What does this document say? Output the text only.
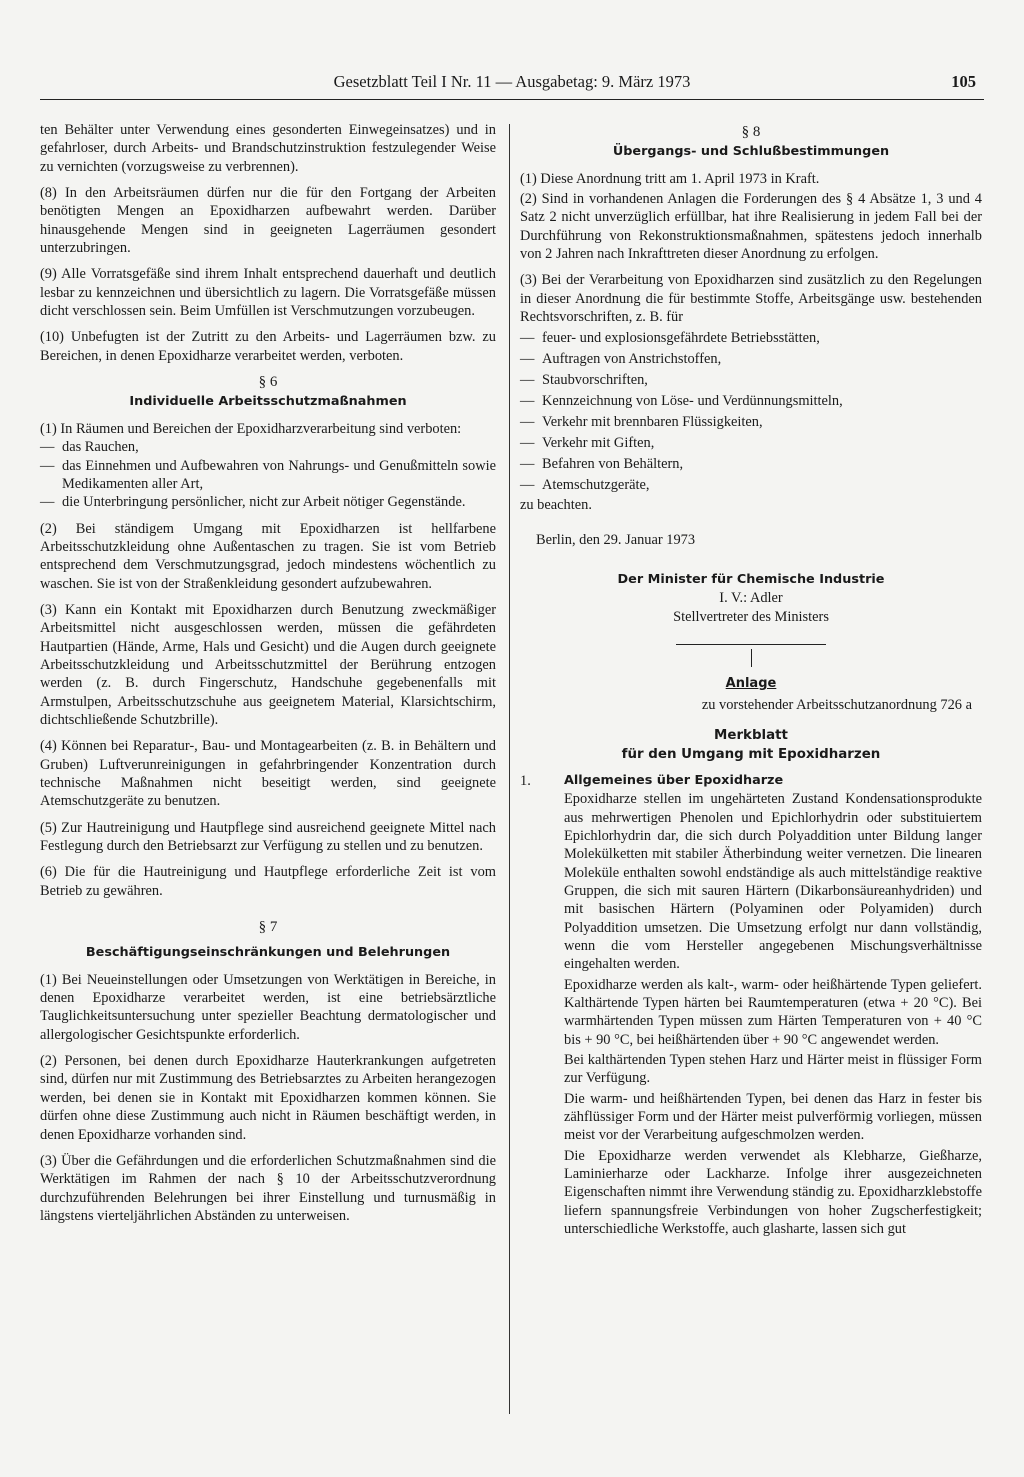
Gesetzblatt Teil I Nr. 11 — Ausgabetag: 9. März 1973	105

ten Behälter unter Verwendung eines gesonderten Einwegeinsatzes) und in gefahrloser, durch Arbeits- und Brandschutzinstruktion festzulegender Weise zu vernichten (vorzugsweise zu verbrennen).

(8) In den Arbeitsräumen dürfen nur die für den Fortgang der Arbeiten benötigten Mengen an Epoxidharzen aufbewahrt werden. Darüber hinausgehende Mengen sind in geeigneten Lagerräumen gesondert unterzubringen.

(9) Alle Vorratsgefäße sind ihrem Inhalt entsprechend dauerhaft und deutlich lesbar zu kennzeichnen und übersichtlich zu lagern. Die Vorratsgefäße müssen dicht verschlossen sein. Beim Umfüllen ist Verschmutzungen vorzubeugen.

(10) Unbefugten ist der Zutritt zu den Arbeits- und Lagerräumen bzw. zu Bereichen, in denen Epoxidharze verarbeitet werden, verboten.

§ 6
Individuelle Arbeitsschutzmaßnahmen

(1) In Räumen und Bereichen der Epoxidharzverarbeitung sind verboten:

— das Rauchen,
— das Einnehmen und Aufbewahren von Nahrungs- und Genußmitteln sowie Medikamenten aller Art,
— die Unterbringung persönlicher, nicht zur Arbeit nötiger Gegenstände.

(2) Bei ständigem Umgang mit Epoxidharzen ist hellfarbene Arbeitsschutzkleidung ohne Außentaschen zu tragen. Sie ist vom Betrieb entsprechend dem Verschmutzungsgrad, jedoch mindestens wöchentlich zu waschen. Sie ist von der Straßenkleidung gesondert aufzubewahren.

(3) Kann ein Kontakt mit Epoxidharzen durch Benutzung zweckmäßiger Arbeitsmittel nicht ausgeschlossen werden, müssen die gefährdeten Hautpartien (Hände, Arme, Hals und Gesicht) und die Augen durch geeignete Arbeitsschutzkleidung und Arbeitsschutzmittel der Berührung entzogen werden (z. B. durch Fingerschutz, Handschuhe gegebenenfalls mit Armstulpen, Arbeitsschutzschuhe aus geeignetem Material, Klarsichtschirm, dichtschließende Schutzbrille).

(4) Können bei Reparatur-, Bau- und Montagearbeiten (z. B. in Behältern und Gruben) Luftverunreinigungen in gefahrbringender Konzentration durch technische Maßnahmen nicht beseitigt werden, sind geeignete Atemschutzgeräte zu benutzen.

(5) Zur Hautreinigung und Hautpflege sind ausreichend geeignete Mittel nach Festlegung durch den Betriebsarzt zur Verfügung zu stellen und zu benutzen.

(6) Die für die Hautreinigung und Hautpflege erforderliche Zeit ist vom Betrieb zu gewähren.

§ 7
Beschäftigungseinschränkungen und Belehrungen

(1) Bei Neueinstellungen oder Umsetzungen von Werktätigen in Bereiche, in denen Epoxidharze verarbeitet werden, ist eine betriebsärztliche Tauglichkeitsuntersuchung unter spezieller Beachtung dermatologischer und allergologischer Gesichtspunkte erforderlich.

(2) Personen, bei denen durch Epoxidharze Hauterkrankungen aufgetreten sind, dürfen nur mit Zustimmung des Betriebsarztes zu Arbeiten herangezogen werden, bei denen sie in Kontakt mit Epoxidharzen kommen können. Sie dürfen ohne diese Zustimmung auch nicht in Räumen beschäftigt werden, in denen Epoxidharze vorhanden sind.

(3) Über die Gefährdungen und die erforderlichen Schutzmaßnahmen sind die Werktätigen im Rahmen der nach § 10 der Arbeitsschutzverordnung durchzuführenden Belehrungen bei ihrer Einstellung und turnusmäßig in längstens vierteljährlichen Abständen zu unterweisen.

§ 8
Übergangs- und Schlußbestimmungen

(1) Diese Anordnung tritt am 1. April 1973 in Kraft.

(2) Sind in vorhandenen Anlagen die Forderungen des § 4 Absätze 1, 3 und 4 Satz 2 nicht unverzüglich erfüllbar, hat ihre Realisierung in jedem Fall bei der Durchführung von Rekonstruktionsmaßnahmen, spätestens jedoch innerhalb von 2 Jahren nach Inkrafttreten dieser Anordnung zu erfolgen.

(3) Bei der Verarbeitung von Epoxidharzen sind zusätzlich zu den Regelungen in dieser Anordnung die für bestimmte Stoffe, Arbeitsgänge usw. bestehenden Rechtsvorschriften, z. B. für

— feuer- und explosionsgefährdete Betriebsstätten,
— Auftragen von Anstrichstoffen,
— Staubvorschriften,
— Kennzeichnung von Löse- und Verdünnungsmitteln,
— Verkehr mit brennbaren Flüssigkeiten,
— Verkehr mit Giften,
— Befahren von Behältern,
— Atemschutzgeräte,

zu beachten.

Berlin, den 29. Januar 1973

Der Minister für Chemische Industrie
I. V.: Adler
Stellvertreter des Ministers
Anlage
zu vorstehender Arbeitsschutzanordnung 726 a
Merkblatt
für den Umgang mit Epoxidharzen
1.	Allgemeines über Epoxidharze

Epoxidharze stellen im ungehärteten Zustand Kondensationsprodukte aus mehrwertigen Phenolen und Epichlorhydrin oder substituiertem Epichlorhydrin dar, die sich durch Polyaddition unter Bildung langer Molekülketten mit stabiler Ätherbindung weiter vernetzen. Die linearen Moleküle enthalten sowohl endständige als auch mittelständige reaktive Gruppen, die sich mit sauren Härtern (Dikarbonsäureanhydriden) und mit basischen Härtern (Polyaminen oder Polyamiden) durch Polyaddition umsetzen. Die Umsetzung erfolgt nur dann vollständig, wenn die vom Hersteller angegebenen Mischungsverhältnisse eingehalten werden.

Epoxidharze werden als kalt-, warm- oder heißhärtende Typen geliefert. Kalthärtende Typen härten bei Raumtemperaturen (etwa + 20 °C). Bei warmhärtenden Typen müssen zum Härten Temperaturen von + 40 °C bis + 90 °C, bei heißhärtenden über + 90 °C angewendet werden.

Bei kalthärtenden Typen stehen Harz und Härter meist in flüssiger Form zur Verfügung.

Die warm- und heißhärtenden Typen, bei denen das Harz in fester bis zähflüssiger Form und der Härter meist pulverförmig vorliegen, müssen meist vor der Verarbeitung aufgeschmolzen werden.

Die Epoxidharze werden verwendet als Klebharze, Gießharze, Laminierharze oder Lackharze. Infolge ihrer ausgezeichneten Eigenschaften nimmt ihre Verwendung ständig zu. Epoxidharzklebstoffe liefern spannungsfreie Verbindungen von hoher Zugscherfestigkeit; unterschiedliche Werkstoffe, auch glasharte, lassen sich gut
